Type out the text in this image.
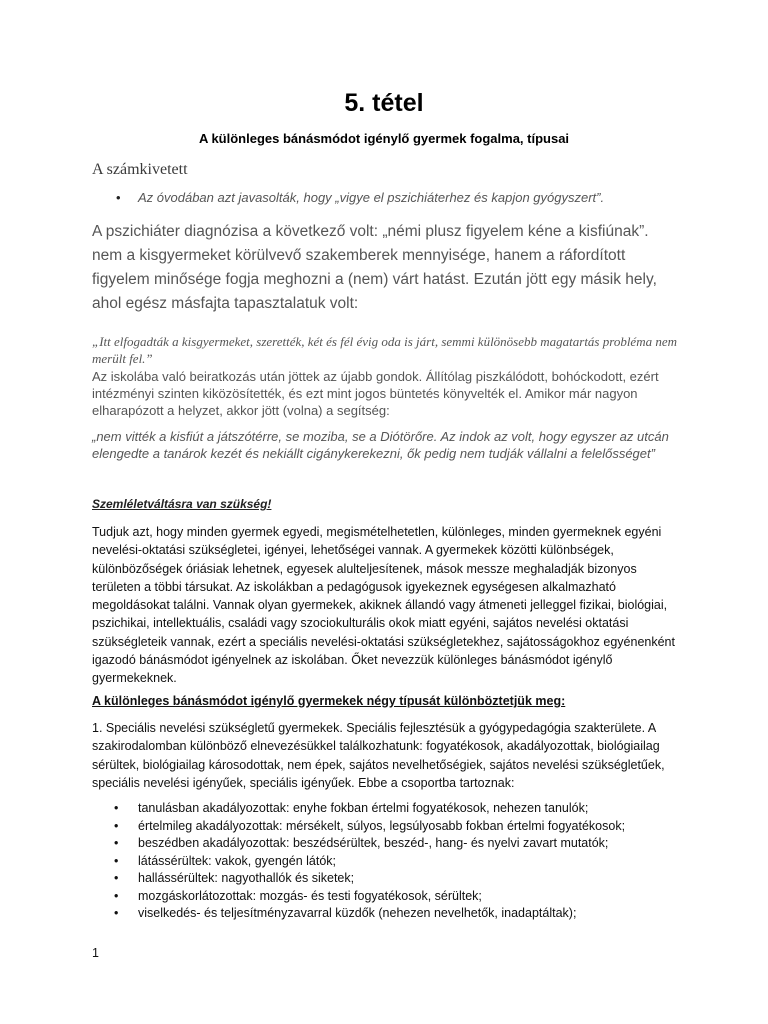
5. tétel
A különleges bánásmódot igénylő gyermek fogalma, típusai
A számkivetett
• Az óvodában azt javasolták, hogy „vigye el pszichiáterhez és kapjon gyógyszert”.
A pszichiáter diagnózisa a következő volt: „némi plusz figyelem kéne a kisfiúnak”. nem a kisgyermeket körülvevő szakemberek mennyisége, hanem a ráfordított figyelem minősége fogja meghozni a (nem) várt hatást. Ezután jött egy másik hely, ahol egész másfajta tapasztalatuk volt:
„Itt elfogadták a kisgyermeket, szerették, két és fél évig oda is járt, semmi különösebb magatartás probléma nem merült fel.”
Az iskolába való beiratkozás után jöttek az újabb gondok. Állítólag piszkálódott, bohóckodott, ezért intézményi szinten kiközösítették, és ezt mint jogos büntetés könyvelték el. Amikor már nagyon elharapózott a helyzet, akkor jött (volna) a segítség:
„nem vitték a kisfiút a játszótérre, se moziba, se a Diótörőre. Az indok az volt, hogy egyszer az utcán elengedte a tanárok kezét és nekiállt cigánykerekezni, ők pedig nem tudják vállalni a felelősséget”
Szemléletváltásra van szükség!
Tudjuk azt, hogy minden gyermek egyedi, megismételhetetlen, különleges, minden gyermeknek egyéni nevelési-oktatási szükségletei, igényei, lehetőségei vannak. A gyermekek közötti különbségek, különbözőségek óriásiak lehetnek, egyesek alulteljesítenek, mások messze meghaladják bizonyos területen a többi társukat. Az iskolákban a pedagógusok igyekeznek egységesen alkalmazható megoldásokat találni. Vannak olyan gyermekek, akiknek állandó vagy átmeneti jelleggel fizikai, biológiai, pszichikai, intellektuális, családi vagy szociokulturális okok miatt egyéni, sajátos nevelési oktatási szükségleteik vannak, ezért a speciális nevelési-oktatási szükségletekhez, sajátosságokhoz egyénenként igazodó bánásmódot igényelnek az iskolában. Őket nevezzük különleges bánásmódot igénylő gyermekeknek.
A különleges bánásmódot igénylő gyermekek négy típusát különböztetjük meg:
1. Speciális nevelési szükségletű gyermekek. Speciális fejlesztésük a gyógypedagógia szakterülete. A szakirodalomban különböző elnevezésükkel találkozhatunk: fogyatékosok, akadályozottak, biológiailag sérültek, biológiailag károsodottak, nem épek, sajátos nevelhetőségiek, sajátos nevelési szükségletűek, speciális nevelési igényűek, speciális igényűek. Ebbe a csoportba tartoznak:
• tanulásban akadályozottak: enyhe fokban értelmi fogyatékosok, nehezen tanulók;
• értelmileg akadályozottak: mérsékelt, súlyos, legsúlyosabb fokban értelmi fogyatékosok;
• beszédben akadályozottak: beszédsérültek, beszéd-, hang- és nyelvi zavart mutatók;
• látássérültek: vakok, gyengén látók;
• hallássérültek: nagyothallók és siketek;
• mozgáskorlátozottak: mozgás- és testi fogyatékosok, sérültek;
• viselkedés- és teljesítményzavarral küzdők (nehezen nevelhetők, inadaptáltak);
1
